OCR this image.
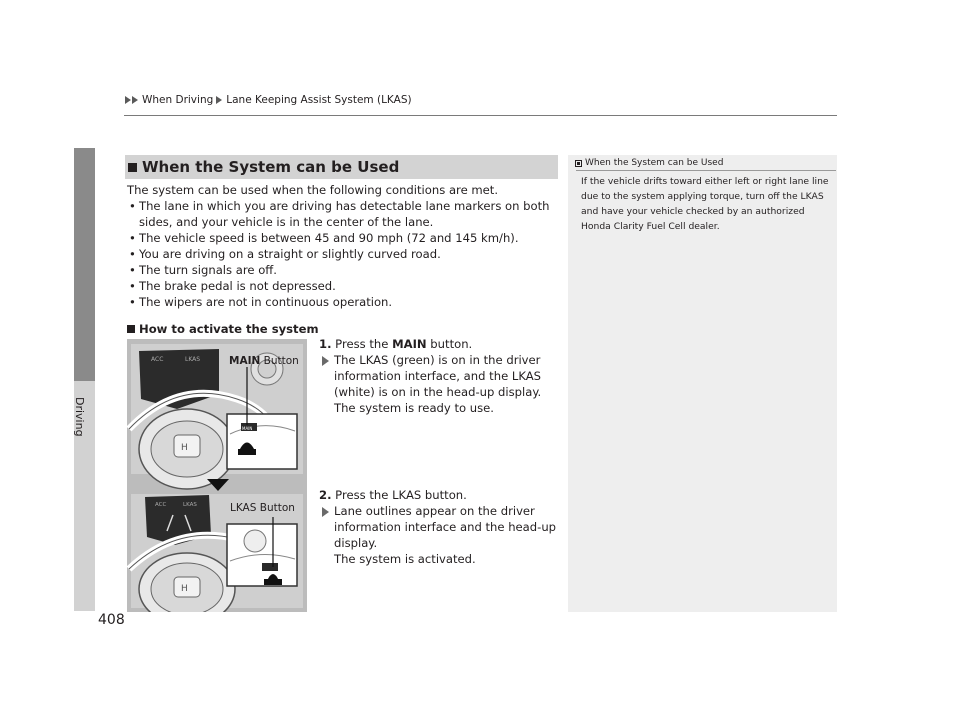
When Driving Lane Keeping Assist System (LKAS)
Driving
When the System can be Used
The system can be used when the following conditions are met.
• The lane in which you are driving has detectable lane markers on both sides, and your vehicle is in the center of the lane.
• The vehicle speed is between 45 and 90 mph (72 and 145 km/h).
• You are driving on a straight or slightly curved road.
• The turn signals are off.
• The brake pedal is not depressed.
• The wipers are not in continuous operation.
How to activate the system
ACC	LKAS
H
MAIN
ACC	LKAS
H
MAIN Button
LKAS Button
1. Press the MAIN button.
The LKAS (green) is on in the driver information interface, and the LKAS (white) is on in the head-up display.
The system is ready to use.
2. Press the LKAS button.
Lane outlines appear on the driver information interface and the head-up display.
The system is activated.
When the System can be Used
If the vehicle drifts toward either left or right lane line due to the system applying torque, turn off the LKAS and have your vehicle checked by an authorized Honda Clarity Fuel Cell dealer.
408
